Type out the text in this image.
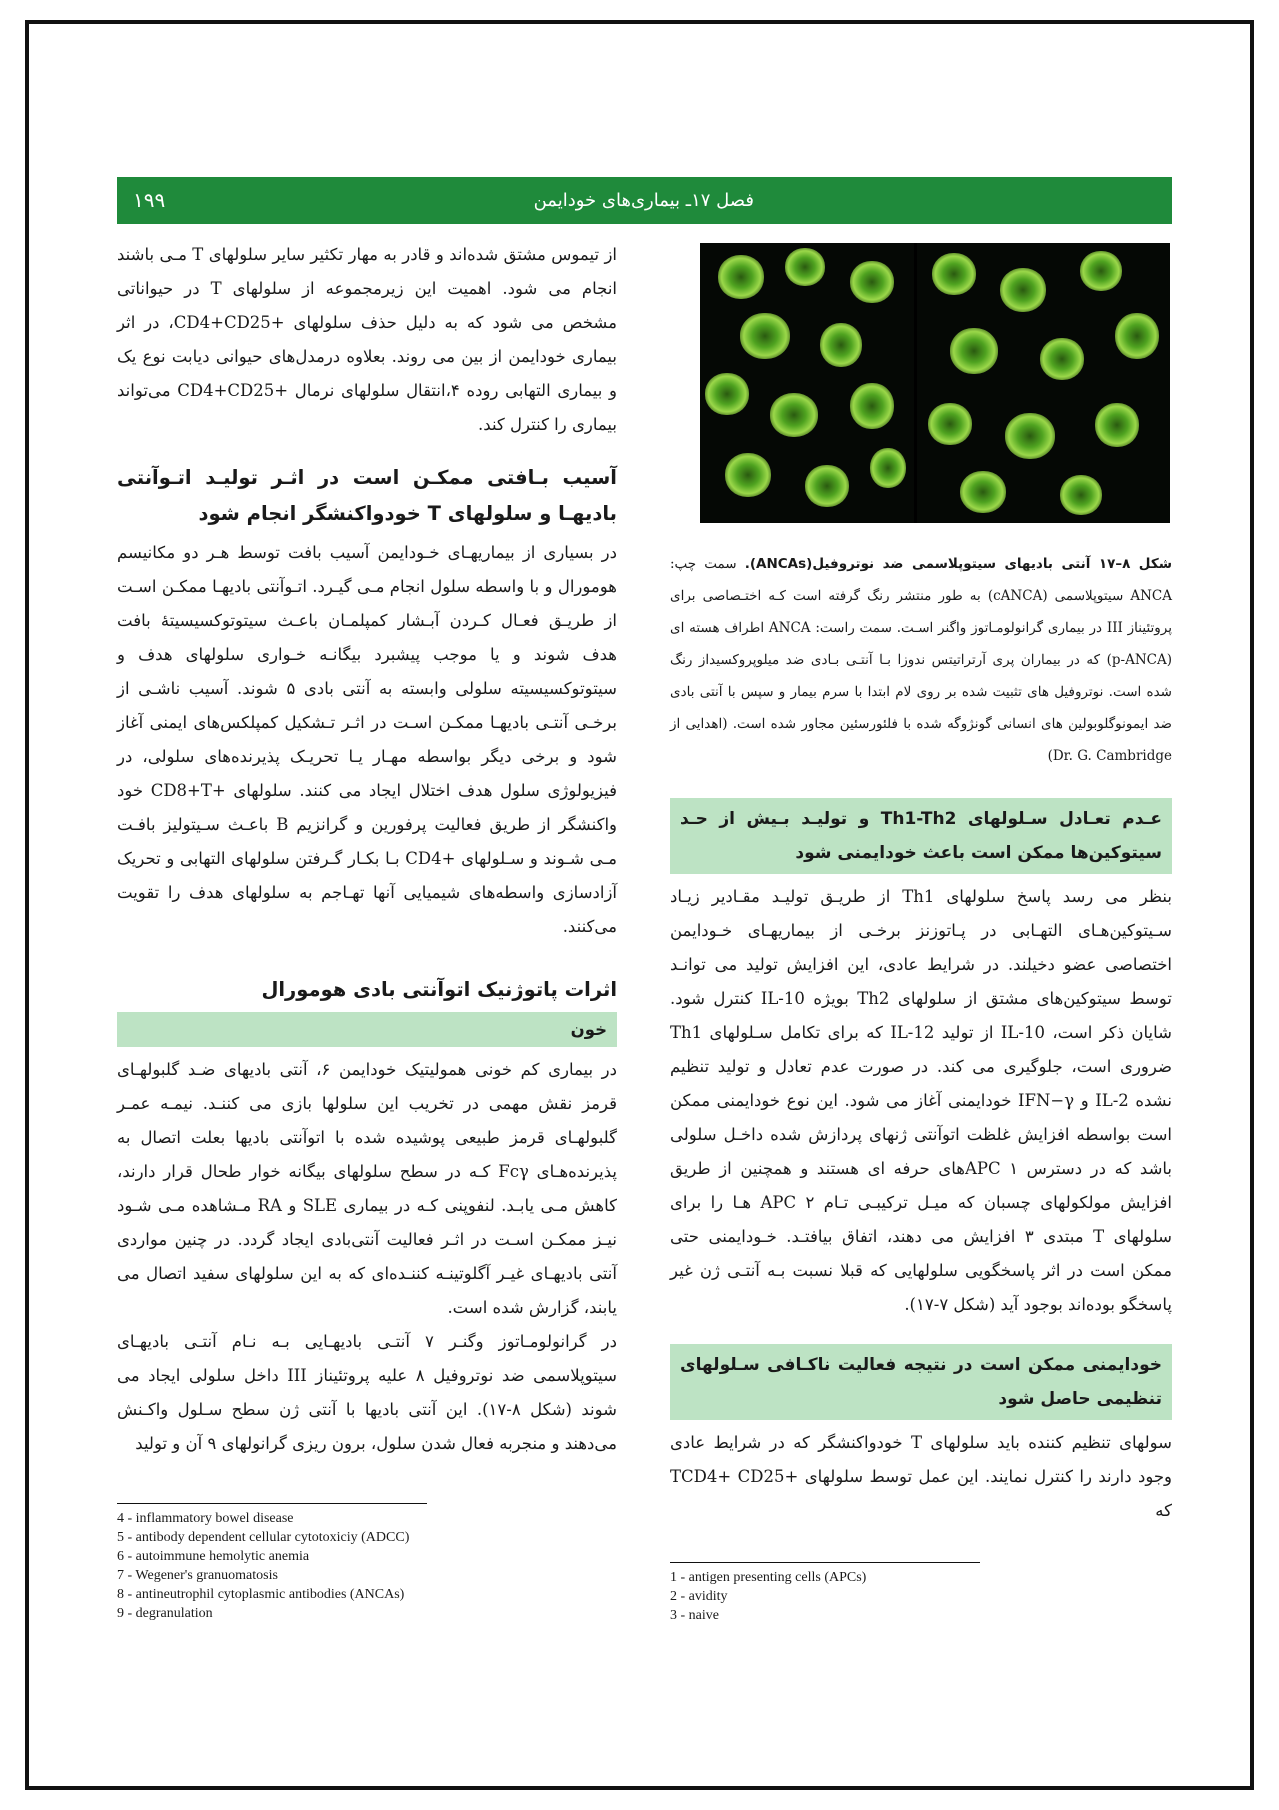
۱۹۹	فصل ۱۷ـ بیماری‌های خودایمن

از تیموس مشتق شده‌اند و قادر به مهار تکثیر سایر سلولهای T مـی باشند انجام می شود. اهمیت این زیرمجموعه از سلولهای T در حیواناتی مشخص می شود که به دلیل حذف سلولهای +CD4+CD25، در اثر بیماری خودایمن از بین می روند. بعلاوه درمدل‌های حیوانی دیابت نوع یک و بیماری التهابی روده ۴،انتقال سلولهای نرمال +CD4+CD25 می‌تواند بیماری را کنترل کند.

آسیب بـافتی ممکـن است در اثـر تولیـد اتـوآنتی بادیهـا و سلولهای T خودواکنشگر انجام شود

در بسیاری از بیماریهـای خـودایمن آسیب بافت توسط هـر دو مکانیسم هومورال و با واسطه سلول انجام مـی گیـرد. اتـوآنتی بادیهـا ممکـن اسـت از طریـق فعـال کـردن آبـشار کمپلمـان باعـث سیتوتوکسیسیتهٔ بافت هدف شوند و یا موجب پیشبرد بیگانـه خـواری سلولهای هدف و سیتوتوکسیسیته سلولی وابسته به آنتی بادی ۵ شوند. آسیب ناشـی از برخـی آنتـی بادیهـا ممکـن اسـت در اثـر تـشکیل کمپلکس‌های ایمنی آغاز شود و برخی دیگر بواسطه مهـار یـا تحریـک پذیرنده‌های سلولی، در فیزیولوژی سلول هدف اختلال ایجاد می کنند. سلولهای +CD8+T خود واکنشگر از طریق فعالیت پرفورین و گرانزیم B باعـث سـیتولیز بافـت مـی شـوند و سـلولهای +CD4 بـا بکـار گـرفتن سلولهای التهابی و تحریک آزادسازی واسطه‌های شیمیایی آنها تهـاجم به سلولهای هدف را تقویت می‌کنند.

اثرات پاتوژنیک اتوآنتی بادی هومورال
خون

در بیماری کم خونی همولیتیک خودایمن ۶، آنتی بادیهای ضـد گلبولهـای قرمز نقش مهمی در تخریب این سلولها بازی می کننـد. نیمـه عمـر گلبولهـای قرمز طبیعی پوشیده شده با اتوآنتی بادیها بعلت اتصال به پذیرنده‌هـای Fcγ کـه در سطح سلولهای بیگانه خوار طحال قرار دارند، کاهش مـی یابـد. لنفوپنی کـه در بیماری SLE و RA مـشاهده مـی شـود نیـز ممکـن اسـت در اثـر فعالیت آنتی‌بادی ایجاد گردد. در چنین مواردی آنتی بادیهـای غیـر آگلوتینـه کننـده‌ای که به این سلولهای سفید اتصال می یابند، گزارش شده است.

در گرانولومـاتوز وگنـر ۷ آنتـی بادیهـایی بـه نـام آنتـی بادیهـای سیتوپلاسمی ضد نوتروفیل ۸ علیه پروتئیناز III داخل سلولی ایجاد می شوند (شکل ۸-۱۷). این آنتی بادیها با آنتی ژن سطح سـلول واکـنش می‌دهند و منجربه فعال شدن سلول، برون ریزی گرانولهای ۹ آن و تولید

شکل ۸–۱۷ آنتی بادیهای سیتوپلاسمی ضد نوتروفیل(ANCAs). سمت چپ: ANCA سیتوپلاسمی (cANCA) به طور منتشر رنگ گرفته است کـه اختـصاصی برای پروتئیناز III در بیماری گرانولومـاتوز واگنر اسـت. سمت راست: ANCA اطراف هسته ای (p-ANCA) که در بیماران پری آرتراتیتس ندوزا بـا آنتـی بـادی ضد میلوپروکسیداز رنگ شده است. نوتروفیل های تثبیت شده بر روی لام ابتدا با سرم بیمار و سپس با آنتی بادی ضد ایمونوگلوبولین های انسانی گونژوگه شده با فلئورسئین مجاور شده است. (اهدایی از Dr. G. Cambridge)
عـدم تعـادل سـلولهای Th1-Th2 و تولیـد بـیش از حـد سیتوکین‌ها ممکن است باعث خودایمنی شود

بنظر می رسد پاسخ سلولهای Th1 از طریـق تولیـد مقـادیر زیـاد سـیتوکین‌هـای التهـابی در پـاتوزنز برخـی از بیماریهـای خـودایمن اختصاصی عضو دخیلند. در شرایط عادی، این افزایش تولید می توانـد توسط سیتوکین‌های مشتق از سلولهای Th2 بویژه IL-10 کنترل شود. شایان ذکر است، IL-10 از تولید IL-12 که برای تکامل سـلولهای Th1 ضروری است، جلوگیری می کند. در صورت عدم تعادل و تولید تنظیم نشده IL-2 و IFN−γ خودایمنی آغاز می شود. این نوع خودایمنی ممکن است بواسطه افزایش غلظت اتوآنتی ژنهای پردازش شده داخـل سلولی باشد که در دسترس APC ۱های حرفه ای هستند و همچنین از طریق افزایش مولکولهای چسبان که میـل ترکیبـی تـام ۲ APC هـا را برای سلولهای T مبتدی ۳ افزایش می دهند، اتفاق بیافتـد. خـودایمنی حتی ممکن است در اثر پاسخگویی سلولهایی که قبلا نسبت بـه آنتـی ژن غیر پاسخگو بوده‌اند بوجود آید (شکل ۷-۱۷).

خودایمنی ممکن است در نتیجه فعالیت ناکـافی سـلولهای تنظیمی حاصل شود

سولهای تنظیم کننده باید سلولهای T خودواکنشگر که در شرایط عادی وجود دارند را کنترل نمایند. این عمل توسط سلولهای +TCD4+ CD25 که

4 - inflammatory bowel disease
5 - antibody dependent cellular cytotoxiciy (ADCC)
6 - autoimmune hemolytic anemia
7 - Wegener's granuomatosis
8 - antineutrophil cytoplasmic antibodies (ANCAs)
9 - degranulation
1 - antigen presenting cells (APCs)
2 - avidity
3 - naive
